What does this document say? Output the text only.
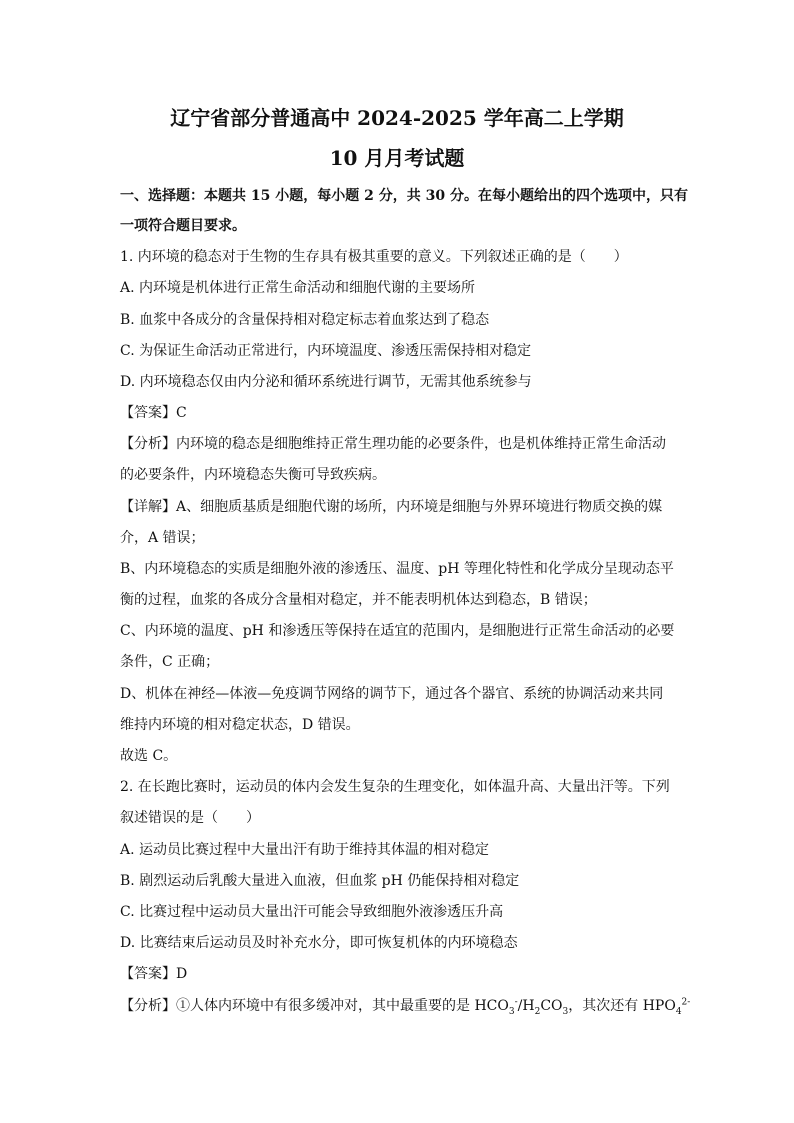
辽宁省部分普通高中 2024-2025 学年高二上学期
10 月月考试题
一、选择题：本题共 15 小题，每小题 2 分，共 30 分。在每小题给出的四个选项中，只有
一项符合题目要求。
1. 内环境的稳态对于生物的生存具有极其重要的意义。下列叙述正确的是（　　）
A. 内环境是机体进行正常生命活动和细胞代谢的主要场所
B. 血浆中各成分的含量保持相对稳定标志着血浆达到了稳态
C. 为保证生命活动正常进行，内环境温度、渗透压需保持相对稳定
D. 内环境稳态仅由内分泌和循环系统进行调节，无需其他系统参与
【答案】C
【分析】内环境的稳态是细胞维持正常生理功能的必要条件，也是机体维持正常生命活动
的必要条件，内环境稳态失衡可导致疾病。
【详解】A、细胞质基质是细胞代谢的场所，内环境是细胞与外界环境进行物质交换的媒
介，A 错误；
B、内环境稳态的实质是细胞外液的渗透压、温度、pH 等理化特性和化学成分呈现动态平
衡的过程，血浆的各成分含量相对稳定，并不能表明机体达到稳态，B 错误；
C、内环境的温度、pH 和渗透压等保持在适宜的范围内，是细胞进行正常生命活动的必要
条件，C 正确；
D、机体在神经—体液—免疫调节网络的调节下，通过各个器官、系统的协调活动来共同
维持内环境的相对稳定状态，D 错误。
故选 C。
2. 在长跑比赛时，运动员的体内会发生复杂的生理变化，如体温升高、大量出汗等。下列
叙述错误的是（　　）
A. 运动员比赛过程中大量出汗有助于维持其体温的相对稳定
B. 剧烈运动后乳酸大量进入血液，但血浆 pH 仍能保持相对稳定
C. 比赛过程中运动员大量出汗可能会导致细胞外液渗透压升高
D. 比赛结束后运动员及时补充水分，即可恢复机体的内环境稳态
【答案】D
【分析】①人体内环境中有很多缓冲对，其中最重要的是 $HCO_3^-/H_2CO_3$，其次还有 $HPO_4^{2-}$
